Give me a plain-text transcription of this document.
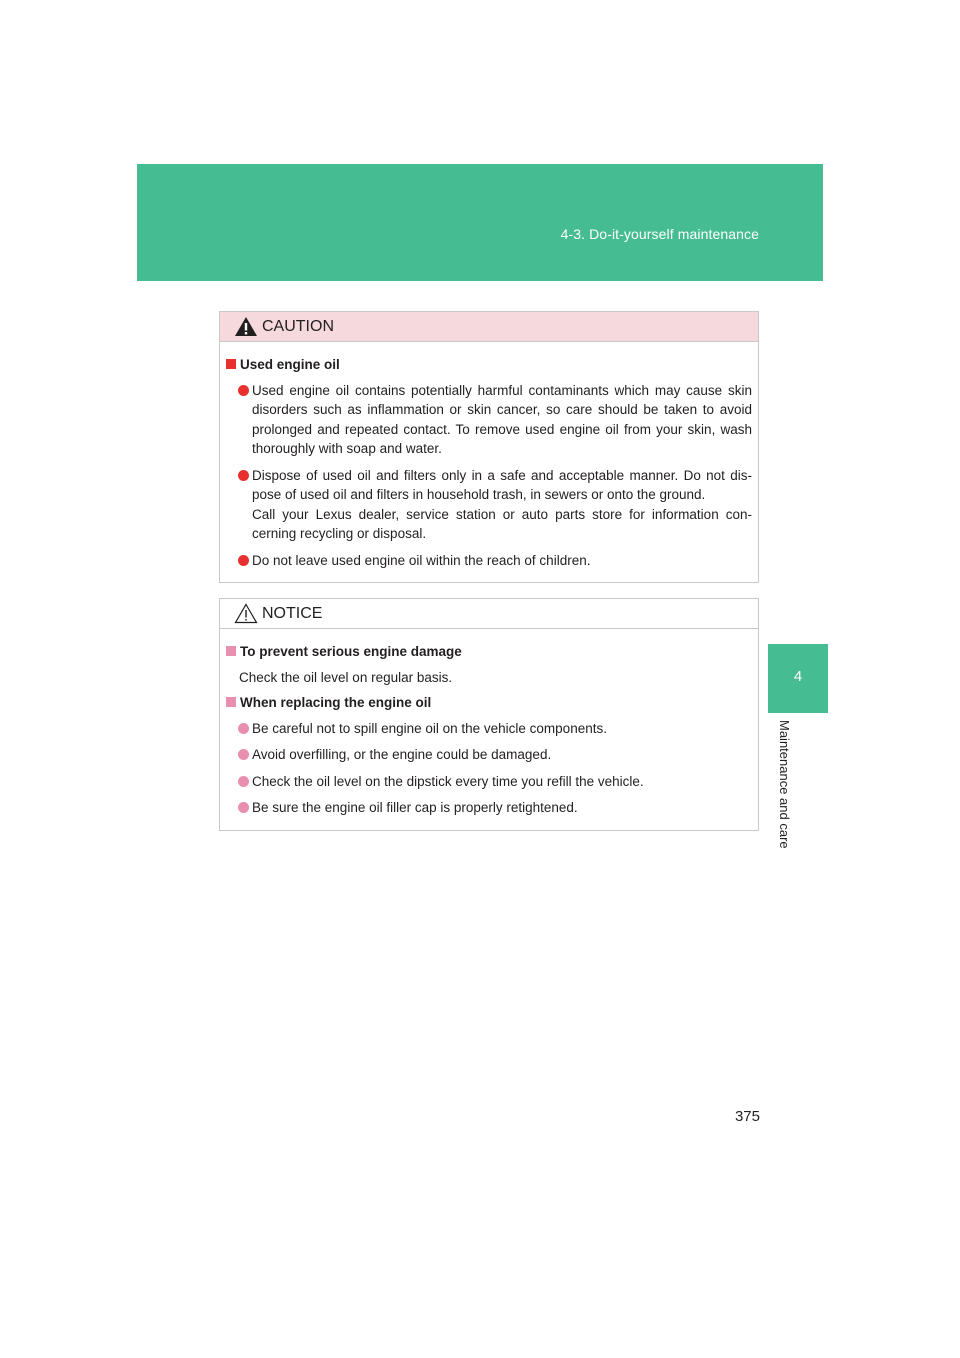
4-3. Do-it-yourself maintenance
4
Maintenance and care
CAUTION
Used engine oil

Used engine oil contains potentially harmful contaminants which may cause skin disorders such as inflammation or skin cancer, so care should be taken to avoid prolonged and repeated contact. To remove used engine oil from your skin, wash thoroughly with soap and water.

Dispose of used oil and filters only in a safe and acceptable manner. Do not dis- pose of used oil and filters in household trash, in sewers or onto the ground.

Call your Lexus dealer, service station or auto parts store for information con- cerning recycling or disposal.

Do not leave used engine oil within the reach of children.

NOTICE
To prevent serious engine damage
Check the oil level on regular basis.
When replacing the engine oil

Be careful not to spill engine oil on the vehicle components.

Avoid overfilling, or the engine could be damaged.

Check the oil level on the dipstick every time you refill the vehicle.

Be sure the engine oil filler cap is properly retightened.

375
